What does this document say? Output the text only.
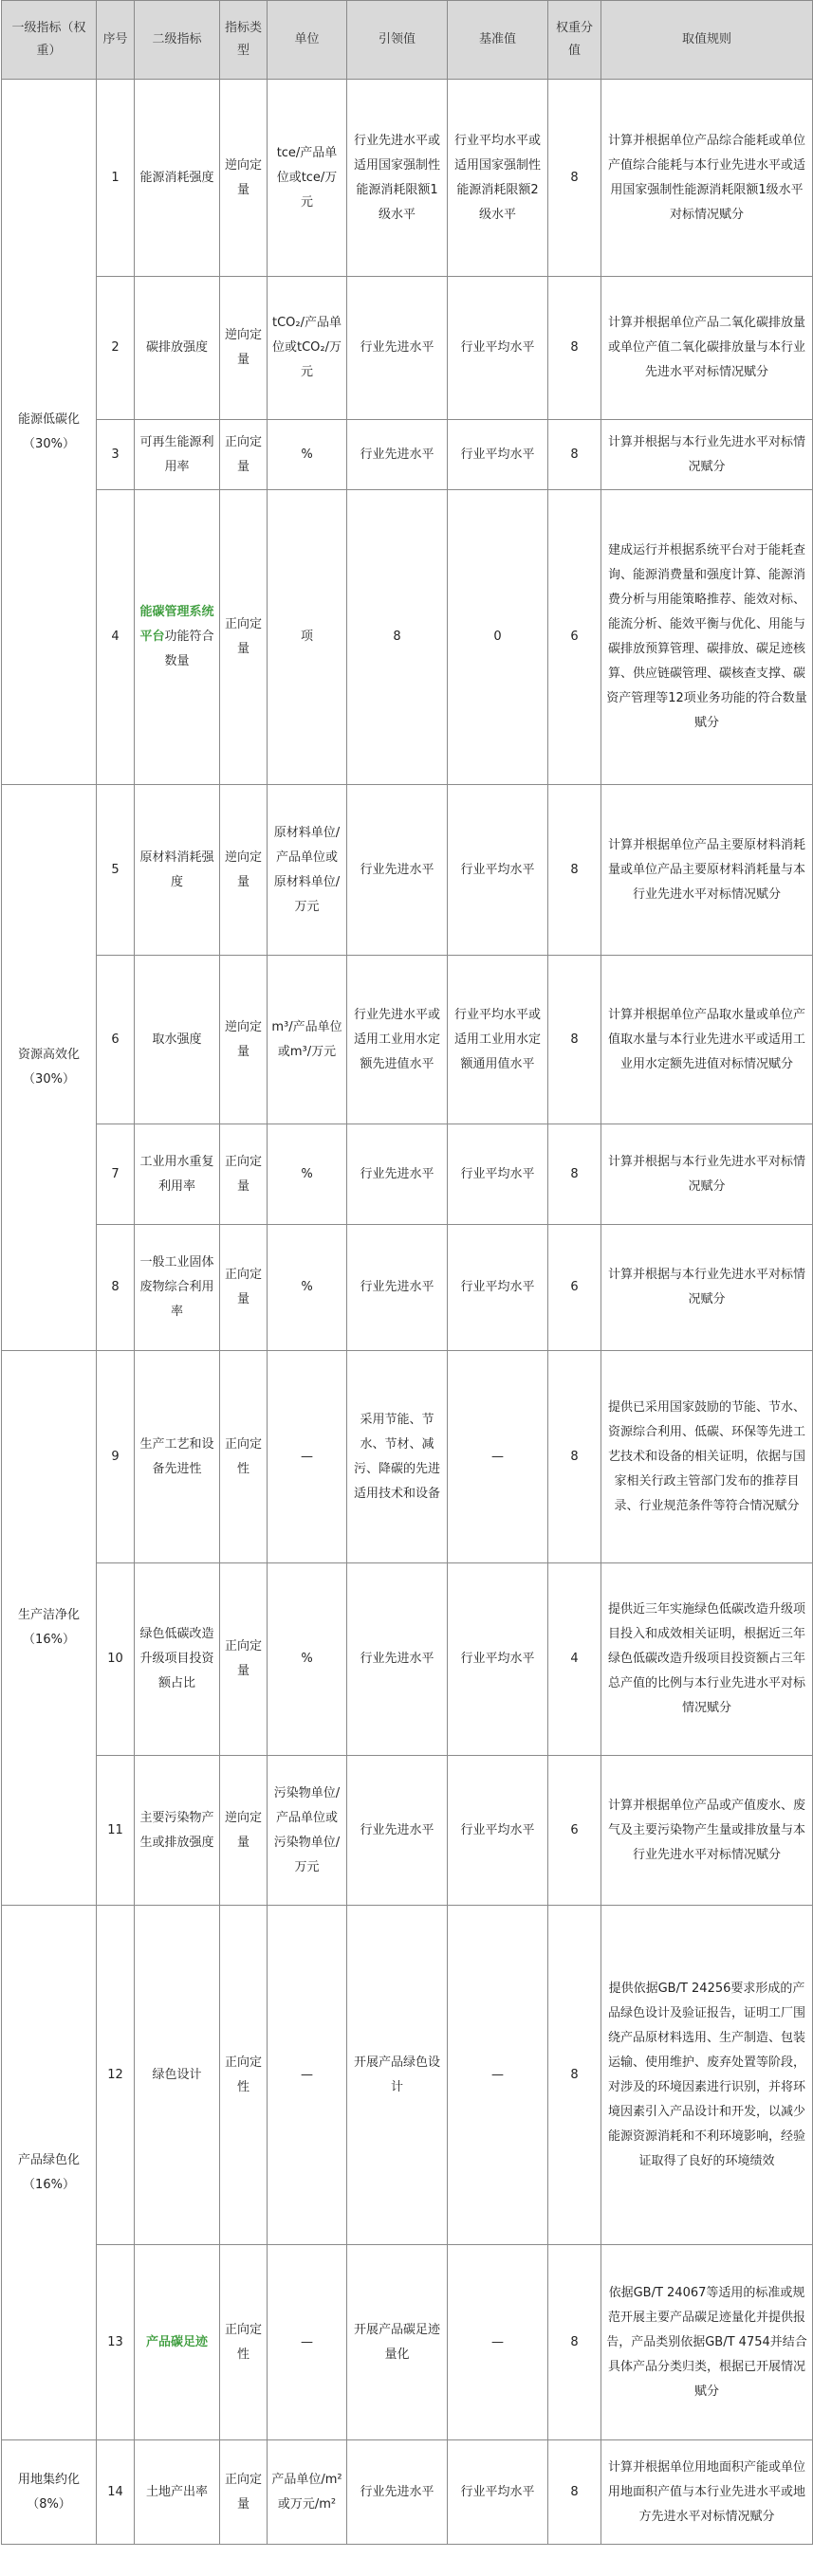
一级指标（权重）	序号	二级指标	指标类型	单位	引领值	基准值	权重分值	取值规则
能源低碳化（30%）	1	能源消耗强度	逆向定量	tce/产品单位或tce/万元	行业先进水平或适用国家强制性能源消耗限额1级水平	行业平均水平或适用国家强制性能源消耗限额2级水平	8	计算并根据单位产品综合能耗或单位产值综合能耗与本行业先进水平或适用国家强制性能源消耗限额1级水平对标情况赋分
	2	碳排放强度	逆向定量	tCO₂/产品单位或tCO₂/万元	行业先进水平	行业平均水平	8	计算并根据单位产品二氧化碳排放量或单位产值二氧化碳排放量与本行业先进水平对标情况赋分
	3	可再生能源利用率	正向定量	%	行业先进水平	行业平均水平	8	计算并根据与本行业先进水平对标情况赋分
	4	能碳管理系统平台功能符合数量	正向定量	项	8	0	6	建成运行并根据系统平台对于能耗查询、能源消费量和强度计算、能源消费分析与用能策略推荐、能效对标、能流分析、能效平衡与优化、用能与碳排放预算管理、碳排放、碳足迹核算、供应链碳管理、碳核查支撑、碳资产管理等12项业务功能的符合数量赋分
资源高效化（30%）	5	原材料消耗强度	逆向定量	原材料单位/产品单位或原材料单位/万元	行业先进水平	行业平均水平	8	计算并根据单位产品主要原材料消耗量或单位产品主要原材料消耗量与本行业先进水平对标情况赋分
	6	取水强度	逆向定量	m³/产品单位或m³/万元	行业先进水平或适用工业用水定额先进值水平	行业平均水平或适用工业用水定额通用值水平	8	计算并根据单位产品取水量或单位产值取水量与本行业先进水平或适用工业用水定额先进值对标情况赋分
	7	工业用水重复利用率	正向定量	%	行业先进水平	行业平均水平	8	计算并根据与本行业先进水平对标情况赋分
	8	一般工业固体废物综合利用率	正向定量	%	行业先进水平	行业平均水平	6	计算并根据与本行业先进水平对标情况赋分
生产洁净化（16%）	9	生产工艺和设备先进性	正向定性	—	采用节能、节水、节材、减污、降碳的先进适用技术和设备	—	8	提供已采用国家鼓励的节能、节水、资源综合利用、低碳、环保等先进工艺技术和设备的相关证明，依据与国家相关行政主管部门发布的推荐目录、行业规范条件等符合情况赋分
	10	绿色低碳改造升级项目投资额占比	正向定量	%	行业先进水平	行业平均水平	4	提供近三年实施绿色低碳改造升级项目投入和成效相关证明，根据近三年绿色低碳改造升级项目投资额占三年总产值的比例与本行业先进水平对标情况赋分
	11	主要污染物产生或排放强度	逆向定量	污染物单位/产品单位或污染物单位/万元	行业先进水平	行业平均水平	6	计算并根据单位产品或产值废水、废气及主要污染物产生量或排放量与本行业先进水平对标情况赋分
产品绿色化（16%）	12	绿色设计	正向定性	—	开展产品绿色设计	—	8	提供依据GB/T 24256要求形成的产品绿色设计及验证报告，证明工厂围绕产品原材料选用、生产制造、包装运输、使用维护、废弃处置等阶段，对涉及的环境因素进行识别，并将环境因素引入产品设计和开发，以减少能源资源消耗和不利环境影响，经验证取得了良好的环境绩效
	13	产品碳足迹	正向定性	—	开展产品碳足迹量化	—	8	依据GB/T 24067等适用的标准或规范开展主要产品碳足迹量化并提供报告，产品类别依据GB/T 4754并结合具体产品分类归类，根据已开展情况赋分
用地集约化（8%）	14	土地产出率	正向定量	产品单位/m²或万元/m²	行业先进水平	行业平均水平	8	计算并根据单位用地面积产能或单位用地面积产值与本行业先进水平或地方先进水平对标情况赋分
